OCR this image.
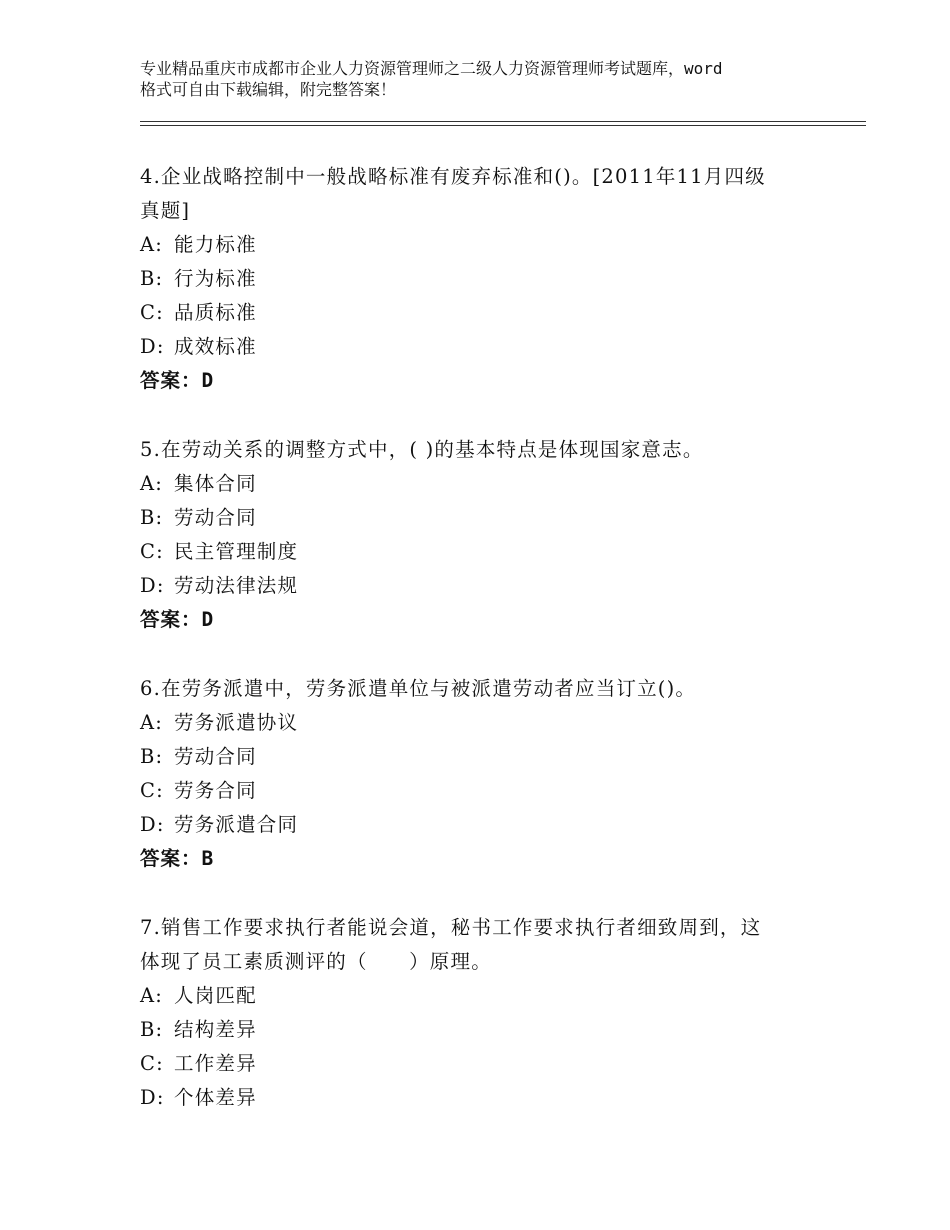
专业精品重庆市成都市企业人力资源管理师之二级人力资源管理师考试题库，word
格式可自由下载编辑，附完整答案！
4.企业战略控制中一般战略标准有废弃标准和()。[2011年11月四级
真题]
A: 能力标准
B: 行为标准
C: 品质标准
D: 成效标准
答案：D
5.在劳动关系的调整方式中，( )的基本特点是体现国家意志。
A: 集体合同
B: 劳动合同
C: 民主管理制度
D: 劳动法律法规
答案：D
6.在劳务派遣中，劳务派遣单位与被派遣劳动者应当订立()。
A: 劳务派遣协议
B: 劳动合同
C: 劳务合同
D: 劳务派遣合同
答案：B
7.销售工作要求执行者能说会道，秘书工作要求执行者细致周到，这
体现了员工素质测评的（　　）原理。
A: 人岗匹配
B: 结构差异
C: 工作差异
D: 个体差异
